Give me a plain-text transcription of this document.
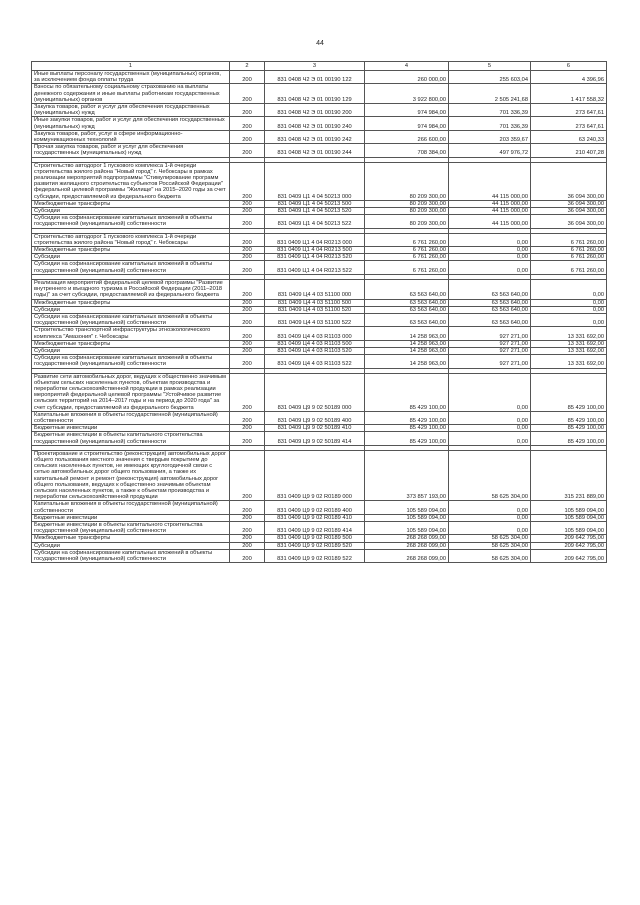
44
1	2	3	4	5	6
Иные выплаты персоналу государственных (муниципальных) органов, за исключением фонда оплаты труда	200	831 0408 Ч2 Э 01 00190 122	260 000,00	255 603,04	4 396,96
Взносы по обязательному социальному страхованию на выплаты денежного содержания и иные выплаты работникам государственных (муниципальных) органов	200	831 0408 Ч2 Э 01 00190 129	3 922 800,00	2 505 241,68	1 417 558,32
Закупка товаров, работ и услуг для обеспечения государственных (муниципальных) нужд	200	831 0408 Ч2 Э 01 00190 200	974 984,00	701 336,39	273 647,61
Иные закупки товаров, работ и услуг для обеспечения государственных (муниципальных) нужд	200	831 0408 Ч2 Э 01 00190 240	974 984,00	701 336,39	273 647,61
Закупка товаров, работ, услуг в сфере информационно-коммуникационных технологий	200	831 0408 Ч2 Э 01 00190 242	266 600,00	203 359,67	63 240,33
Прочая закупка товаров, работ и услуг для обеспечения государственных (муниципальных) нужд	200	831 0408 Ч2 Э 01 00190 244	708 384,00	497 976,72	210 407,28

Строительство автодорог 1 пускового комплекса 1-й очереди строительства жилого района "Новый город" г. Чебоксары в рамках реализации мероприятий подпрограммы "Стимулирование программ развития жилищного строительства субъектов Российской Федерации" федеральной целевой программы "Жилище" на 2015–2020 годы за счет субсидии, предоставляемой из федерального бюджета	200	831 0409 Ц1 4 04 50213 000	80 209 300,00	44 115 000,00	36 094 300,00
Межбюджетные трансферты	200	831 0409 Ц1 4 04 50213 500	80 209 300,00	44 115 000,00	36 094 300,00
Субсидии	200	831 0409 Ц1 4 04 50213 520	80 209 300,00	44 115 000,00	36 094 300,00
Субсидии на софинансирование капитальных вложений в объекты государственной (муниципальной) собственности	200	831 0409 Ц1 4 04 50213 522	80 209 300,00	44 115 000,00	36 094 300,00

Строительство автодорог 1 пускового комплекса 1-й очереди строительства жилого района "Новый город" г. Чебоксары	200	831 0409 Ц1 4 04 R0213 000	6 761 260,00	0,00	6 761 260,00
Межбюджетные трансферты	200	831 0409 Ц1 4 04 R0213 500	6 761 260,00	0,00	6 761 260,00
Субсидии	200	831 0409 Ц1 4 04 R0213 520	6 761 260,00	0,00	6 761 260,00
Субсидии на софинансирование капитальных вложений в объекты государственной (муниципальной) собственности	200	831 0409 Ц1 4 04 R0213 522	6 761 260,00	0,00	6 761 260,00

Реализация мероприятий федеральной целевой программы "Развитие внутреннего и въездного туризма в Российской Федерации (2011–2018 годы)" за счет субсидии, предоставляемой из федерального бюджета	200	831 0409 Ц4 4 03 51100 000	63 563 640,00	63 563 640,00	0,00
Межбюджетные трансферты	200	831 0409 Ц4 4 03 51100 500	63 563 640,00	63 563 640,00	0,00
Субсидии	200	831 0409 Ц4 4 03 51100 520	63 563 640,00	63 563 640,00	0,00
Субсидии на софинансирование капитальных вложений в объекты государственной (муниципальной) собственности	200	831 0409 Ц4 4 03 51100 522	63 563 640,00	63 563 640,00	0,00
Строительство транспортной инфраструктуры этноэкологического комплекса "Амазония" г. Чебоксары	200	831 0409 Ц4 4 03 R1103 000	14 258 963,00	927 271,00	13 331 692,00
Межбюджетные трансферты	200	831 0409 Ц4 4 03 R1103 500	14 258 963,00	927 271,00	13 331 692,00
Субсидии	200	831 0409 Ц4 4 03 R1103 520	14 258 963,00	927 271,00	13 331 692,00
Субсидии на софинансирование капитальных вложений в объекты государственной (муниципальной) собственности	200	831 0409 Ц4 4 03 R1103 522	14 258 963,00	927 271,00	13 331 692,00

Развитие сети автомобильных дорог, ведущих к общественно значимым объектам сельских населенных пунктов, объектам производства и переработки сельскохозяйственной продукции в рамках реализации мероприятий федеральной целевой программы "Устойчивое развитие сельских территорий на 2014–2017 годы и на период до 2020 года" за счет субсидии, предоставляемой из федерального бюджета	200	831 0409 Ц9 9 02 50189 000	85 429 100,00	0,00	85 429 100,00
Капитальные вложения в объекты государственной (муниципальной) собственности	200	831 0409 Ц9 9 02 50189 400	85 429 100,00	0,00	85 429 100,00
Бюджетные инвестиции	200	831 0409 Ц9 9 02 50189 410	85 429 100,00	0,00	85 429 100,00
Бюджетные инвестиции в объекты капитального строительства государственной (муниципальной) собственности	200	831 0409 Ц9 9 02 50189 414	85 429 100,00	0,00	85 429 100,00

Проектирование и строительство (реконструкция) автомобильных дорог общего пользования местного значения с твердым покрытием до сельских населенных пунктов, не имеющих круглогодичной связи с сетью автомобильных дорог общего пользования, а также их капитальный ремонт и ремонт (реконструкция) автомобильных дорог общего пользования, ведущих к общественно значимым объектам сельских населенных пунктов, а также к объектам производства и переработки сельскохозяйственной продукции	200	831 0409 Ц9 9 02 R0189 000	373 857 193,00	58 625 304,00	315 231 889,00
Капитальные вложения в объекты государственной (муниципальной) собственности	200	831 0409 Ц9 9 02 R0189 400	105 589 094,00	0,00	105 589 094,00
Бюджетные инвестиции	200	831 0409 Ц9 9 02 R0189 410	105 589 094,00	0,00	105 589 094,00
Бюджетные инвестиции в объекты капитального строительства государственной (муниципальной) собственности	200	831 0409 Ц9 9 02 R0189 414	105 589 094,00	0,00	105 589 094,00
Межбюджетные трансферты	200	831 0409 Ц9 9 02 R0189 500	268 268 099,00	58 625 304,00	209 642 795,00
Субсидии	200	831 0409 Ц9 9 02 R0189 520	268 268 099,00	58 625 304,00	209 642 795,00
Субсидии на софинансирование капитальных вложений в объекты государственной (муниципальной) собственности	200	831 0409 Ц9 9 02 R0189 522	268 268 099,00	58 625 304,00	209 642 795,00
